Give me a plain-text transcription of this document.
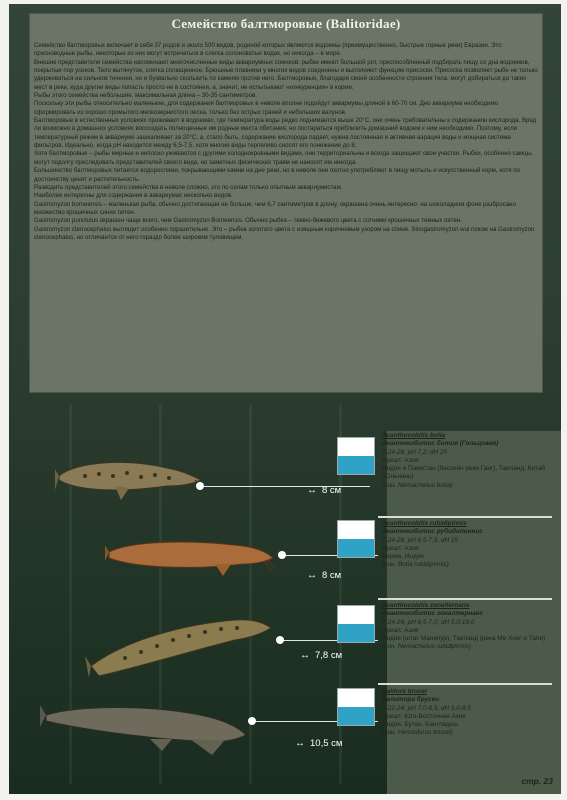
Семейство балтморовые (Balitoridae)

Семейство балтморовых включает в себя 37 родов и около 500 видов, родиной которых являются водоемы (преимущественно, быстрые горные реки) Евразии. Это пресноводные рыбы, некоторые из них могут встречаться в слегка солоноватых водах, но никогда – в море.

Внешне представители семейства напоминают многочисленные виды аквариумных сомиков: рыбки имеют большой рот, приспособленный подбирать пищу со дна водоемов, покрытые пор усиков. Тело вытянутое, слегка сплющенное. Брюшные плавники у многих видов соединены и выполняют функцию присоски. Присоска позволяет рыбе не только удерживаться на сильном течении, но и буквально скользить по камням против него. Балтморовые, благодаря своей особенности строения тела, могут добираться до таких мест в реке, куда другие виды попасть просто не в состоянии, а, значит, не испытывают «конкуренции» в корме.

Рыбы этого семейства небольшие, максимальная длина – 30-35 сантиметров.

Поскольку эти рыбы относительно маленькие, для содержания балтморовых в неволе вполне подойдут аквариумы длиной в 60-70 см. Дно аквариума необходимо сформировать из хорошо промытого мелкозернистого песка, только без острых граней и небольших валунов.

Балтморовые в естественных условиях проживают в водоемах, где температура воды редко поднимается выше 20°С, они очень требовательны к содержанию кислорода. Вряд ли возможно в домашних условиях воссоздать полноценные им родные места обитания, но постараться приблизить домашний водоем к ним необходимо. Поэтому, если температурный режим в аквариуме зашкаливает за 20°С, а, стало быть, содержание кислорода падает, нужна постоянная и активная аэрация воды и мощная система фильтров. Идеально, когда рН находится между 6,5-7,5, хотя многие виды терпеливо сносят его понижение до 8.

Хотя балтморовые – рыбы мирные и неплохо уживаются с другими холоднокровными видами, они территориальны и всегда защищают свои участки. Рыбки, особенно самцы, могут подолгу преследовать представителей своего вида, но заметных физических травм не наносят им никогда.

Большинство балтморовых питается водорослями, покрывающими камни на дне реки, но в неволе они охотно употребляют в пищу мотыль и искусственный корм, хотя по достоинству ценят и растительность.

Разводить представителей этого семейства в неволе сложно, это по силам только опытным аквариумистам.

Наиболее интересны для содержания в аквариумах несколько видов.

Gastromyzon borneensis – маленькая рыба, обычно достигающая не больше, чем 6,7 сантиметров в длину, окрашена очень интересно: на шоколадном фоне разбросано множество крошечных синих пятен.

Gastromyzon punctulus окрашен чаще всего, чем Gastromyzon Borneensis. Обычно рыбка – темно-бежевого цвета с сотнями крошечных темных пятен.

Gastromyzon ctenocephalus выглядит особенно поразительно. Это – рыбка золотого цвета с изящным коричневым узором на спине. Sinogastromyzon wui похож на Gastromyzon ctenocephalus, но отличается от него гораздо более широким туловищем.

↔ 8 см
↔ 8 см
↔ 7,8 см
↔ 10,5 см
Acanthocobitis botia
Акантокобитис ботия (Гольцовая)
1-24-26; рН 7,2; dH 25
Ареал: Азия
Индия и Пакистан (бассейн реки Ганг), Таиланд, Китай (Юньнань)
(син. Nemacheilus botia)
Acanthocobitis rubidipinnis
Акантокобитис рубидипиннис
1-24-26; рН 6,5-7,5; dH 25
Ареал: Азия
Бирма, Индия
(син. Botia rubidipinnis)
Acanthocobitis zonalternans
Акантокобитис зоналтернанс
1-24-26; рН 6,5-7,0; dH 5,0-18,0
Ареал: Азия
Индия (штат Манипур), Таиланд (река Ме Хонг и Тапи)
(син. Nemacheilus rubidipinnis)
Balitora brucei
Балитора брусеи
1-22-24; рН 7,0-8,5; dH 9,0-8,5
Ареал: Юго-Восточная Азия
Индия, Бутан, Бангладеш
(син. Hemisilurus brucei)
стр. 23
